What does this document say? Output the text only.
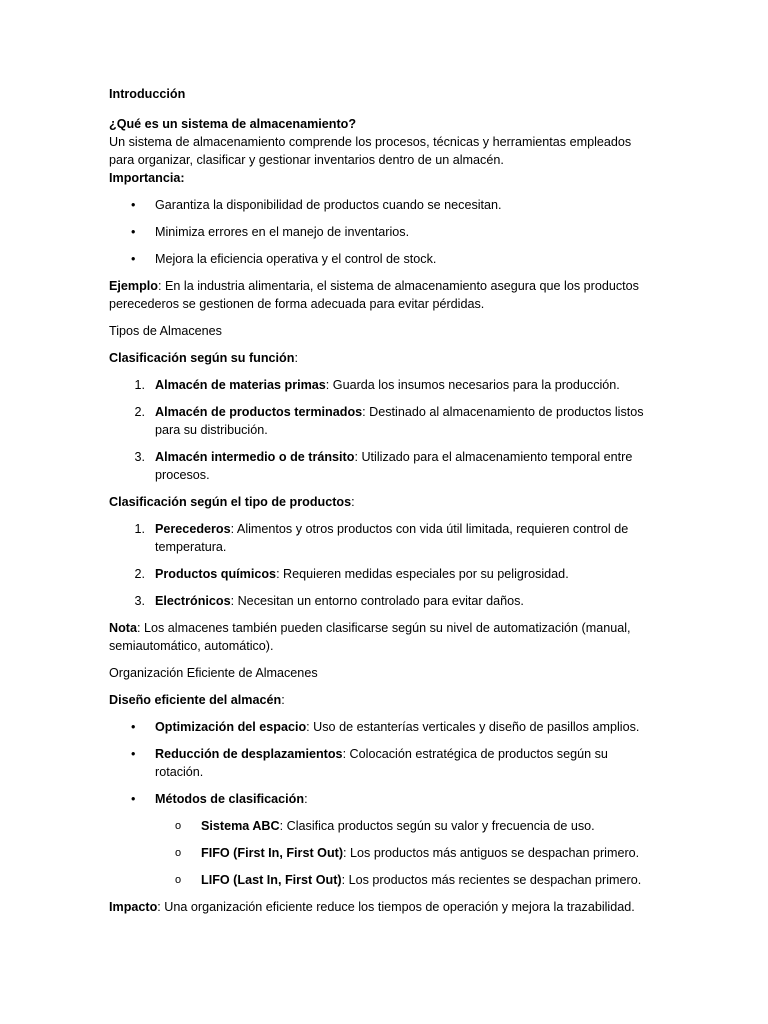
Introducción

¿Qué es un sistema de almacenamiento?

Un sistema de almacenamiento comprende los procesos, técnicas y herramientas empleados para organizar, clasificar y gestionar inventarios dentro de un almacén.

Importancia:

• Garantiza la disponibilidad de productos cuando se necesitan.
• Minimiza errores en el manejo de inventarios.
• Mejora la eficiencia operativa y el control de stock.

Ejemplo: En la industria alimentaria, el sistema de almacenamiento asegura que los productos perecederos se gestionen de forma adecuada para evitar pérdidas.

Tipos de Almacenes

Clasificación según su función:

1. Almacén de materias primas: Guarda los insumos necesarios para la producción.
2. Almacén de productos terminados: Destinado al almacenamiento de productos listos para su distribución.
3. Almacén intermedio o de tránsito: Utilizado para el almacenamiento temporal entre procesos.

Clasificación según el tipo de productos:

1. Perecederos: Alimentos y otros productos con vida útil limitada, requieren control de temperatura.
2. Productos químicos: Requieren medidas especiales por su peligrosidad.
3. Electrónicos: Necesitan un entorno controlado para evitar daños.

Nota: Los almacenes también pueden clasificarse según su nivel de automatización (manual, semiautomático, automático).

Organización Eficiente de Almacenes

Diseño eficiente del almacén:

• Optimización del espacio: Uso de estanterías verticales y diseño de pasillos amplios.
• Reducción de desplazamientos: Colocación estratégica de productos según su rotación.
• Métodos de clasificación:
o Sistema ABC: Clasifica productos según su valor y frecuencia de uso.
o FIFO (First In, First Out): Los productos más antiguos se despachan primero.
o LIFO (Last In, First Out): Los productos más recientes se despachan primero.

Impacto: Una organización eficiente reduce los tiempos de operación y mejora la trazabilidad.
